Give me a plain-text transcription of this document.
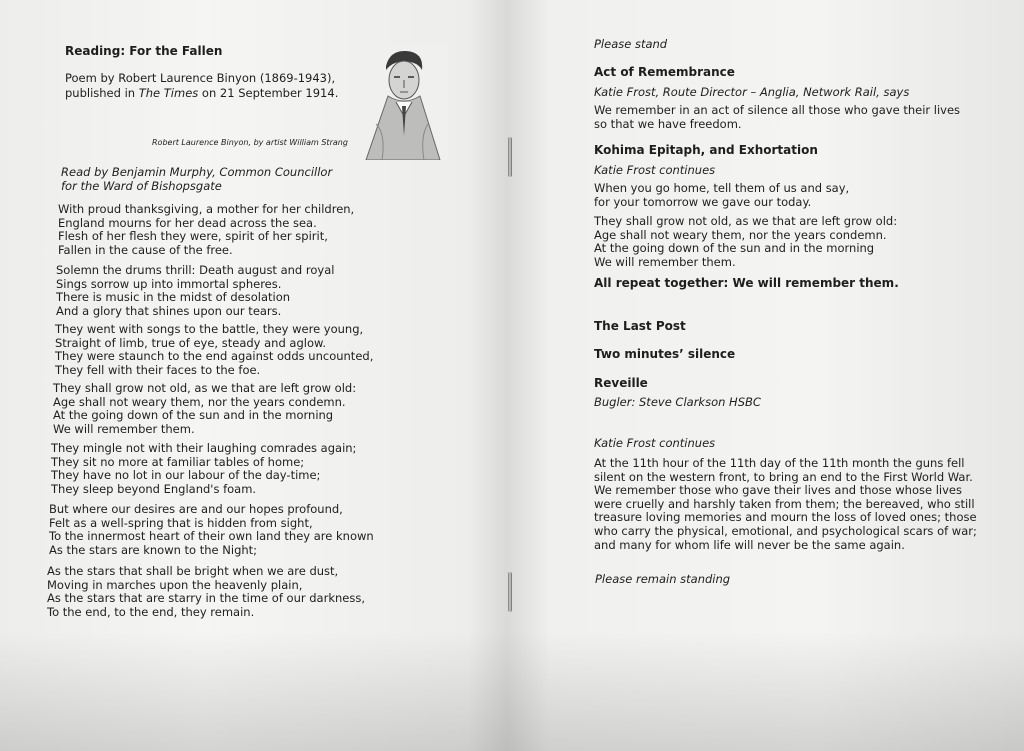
Reading: For the Fallen
Poem by Robert Laurence Binyon (1869-1943),
published in The Times on 21 September 1914.
Robert Laurence Binyon, by artist William Strang
Read by Benjamin Murphy, Common Councillor
for the Ward of Bishopsgate
With proud thanksgiving, a mother for her children,
England mourns for her dead across the sea.
Flesh of her flesh they were, spirit of her spirit,
Fallen in the cause of the free.
Solemn the drums thrill: Death august and royal
Sings sorrow up into immortal spheres.
There is music in the midst of desolation
And a glory that shines upon our tears.
They went with songs to the battle, they were young,
Straight of limb, true of eye, steady and aglow.
They were staunch to the end against odds uncounted,
They fell with their faces to the foe.
They shall grow not old, as we that are left grow old:
Age shall not weary them, nor the years condemn.
At the going down of the sun and in the morning
We will remember them.
They mingle not with their laughing comrades again;
They sit no more at familiar tables of home;
They have no lot in our labour of the day-time;
They sleep beyond England's foam.
But where our desires are and our hopes profound,
Felt as a well-spring that is hidden from sight,
To the innermost heart of their own land they are known
As the stars are known to the Night;
As the stars that shall be bright when we are dust,
Moving in marches upon the heavenly plain,
As the stars that are starry in the time of our darkness,
To the end, to the end, they remain.
Please stand
Act of Remembrance
Katie Frost, Route Director – Anglia, Network Rail, says
We remember in an act of silence all those who gave their lives
so that we have freedom.
Kohima Epitaph, and Exhortation
Katie Frost continues
When you go home, tell them of us and say,
for your tomorrow we gave our today.
They shall grow not old, as we that are left grow old:
Age shall not weary them, nor the years condemn.
At the going down of the sun and in the morning
We will remember them.
All repeat together: We will remember them.
The Last Post
Two minutes’ silence
Reveille
Bugler: Steve Clarkson HSBC
Katie Frost continues
At the 11th hour of the 11th day of the 11th month the guns fell
silent on the western front, to bring an end to the First World War.
We remember those who gave their lives and those whose lives
were cruelly and harshly taken from them; the bereaved, who still
treasure loving memories and mourn the loss of loved ones; those
who carry the physical, emotional, and psychological scars of war;
and many for whom life will never be the same again.
Please remain standing
